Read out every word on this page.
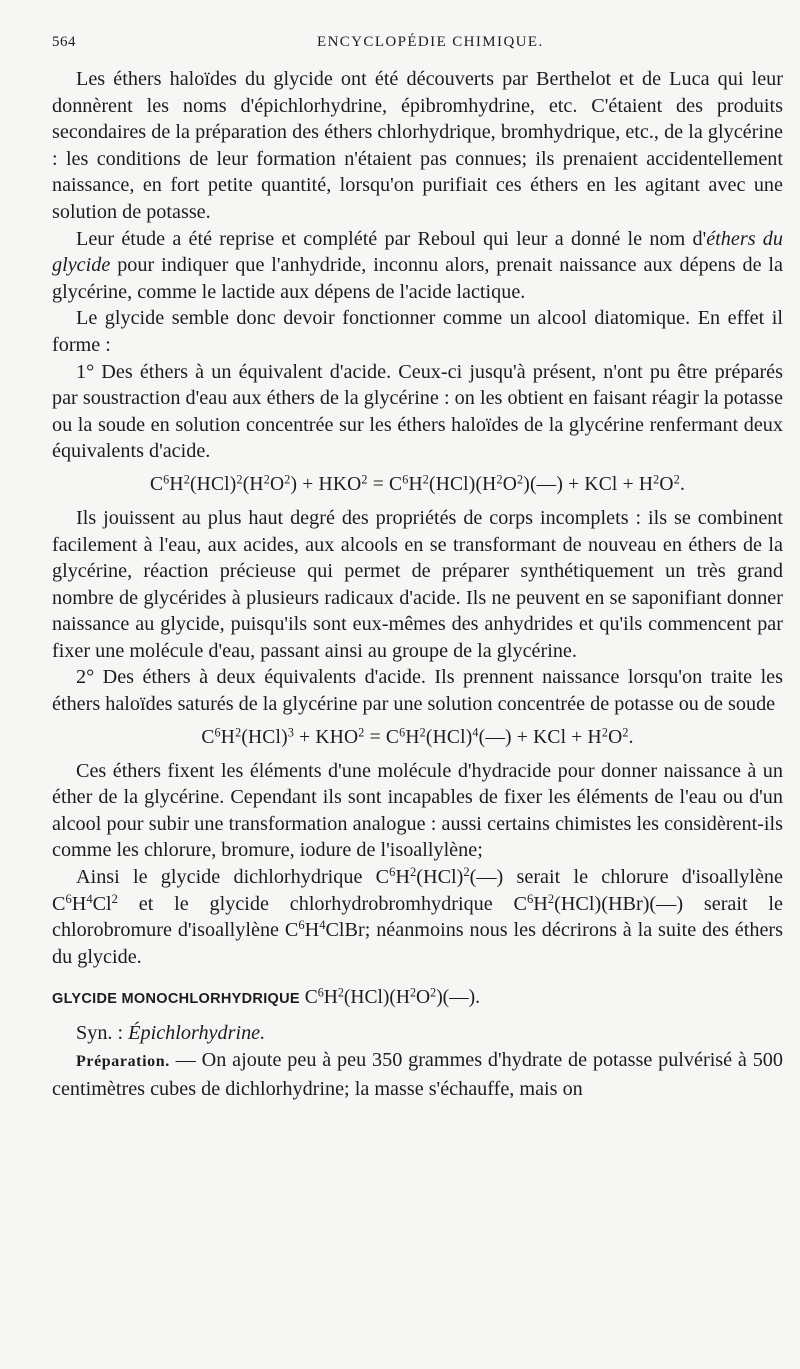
564	ENCYCLOPÉDIE CHIMIQUE.

Les éthers haloïdes du glycide ont été découverts par Berthelot et de Luca qui leur donnèrent les noms d'épichlorhydrine, épibromhydrine, etc. C'étaient des produits secondaires de la préparation des éthers chlorhydrique, bromhydrique, etc., de la glycérine : les conditions de leur formation n'étaient pas connues; ils prenaient accidentellement naissance, en fort petite quantité, lorsqu'on purifiait ces éthers en les agitant avec une solution de potasse.

Leur étude a été reprise et complété par Reboul qui leur a donné le nom d'éthers du glycide pour indiquer que l'anhydride, inconnu alors, prenait naissance aux dépens de la glycérine, comme le lactide aux dépens de l'acide lactique.

Le glycide semble donc devoir fonctionner comme un alcool diatomique. En effet il forme :

1° Des éthers à un équivalent d'acide. Ceux-ci jusqu'à présent, n'ont pu être préparés par soustraction d'eau aux éthers de la glycérine : on les obtient en faisant réagir la potasse ou la soude en solution concentrée sur les éthers haloïdes de la glycérine renfermant deux équivalents d'acide.

$C^6H^2(HCl)^2(H^2O^2) + HKO^2$ = $C^6H^2(HCl)(H^2O^2)(—)$ + KCl + $H^2O^2$.

Ils jouissent au plus haut degré des propriétés de corps incomplets : ils se combinent facilement à l'eau, aux acides, aux alcools en se transformant de nouveau en éthers de la glycérine, réaction précieuse qui permet de préparer synthétiquement un très grand nombre de glycérides à plusieurs radicaux d'acide. Ils ne peuvent en se saponifiant donner naissance au glycide, puisqu'ils sont eux-mêmes des anhydrides et qu'ils commencent par fixer une molécule d'eau, passant ainsi au groupe de la glycérine.

2° Des éthers à deux équivalents d'acide. Ils prennent naissance lorsqu'on traite les éthers haloïdes saturés de la glycérine par une solution concentrée de potasse ou de soude

$C^6H^2(HCl)^3 + KHO^2$ = $C^6H^2(HCl)^4(—)$ + KCl + $H^2O^2$.

Ces éthers fixent les éléments d'une molécule d'hydracide pour donner naissance à un éther de la glycérine. Cependant ils sont incapables de fixer les éléments de l'eau ou d'un alcool pour subir une transformation analogue : aussi certains chimistes les considèrent-ils comme les chlorure, bromure, iodure de l'isoallylène;

Ainsi le glycide dichlorhydrique $C^6H^2(HCl)^2(—)$ serait le chlorure d'isoallylène $C^6H^4Cl^2$ et le glycide chlorhydrobromhydrique $C^6H^2(HCl)(HBr)(—)$ serait le chlorobromure d'isoallylène $C^6H^4ClBr$; néanmoins nous les décrirons à la suite des éthers du glycide.

GLYCIDE MONOCHLORHYDRIQUE $C^6H^2(HCl)(H^2O^2)(—)$.
Syn. : Épichlorhydrine.

Préparation. — On ajoute peu à peu 350 grammes d'hydrate de potasse pulvérisé à 500 centimètres cubes de dichlorhydrine; la masse s'échauffe, mais on
